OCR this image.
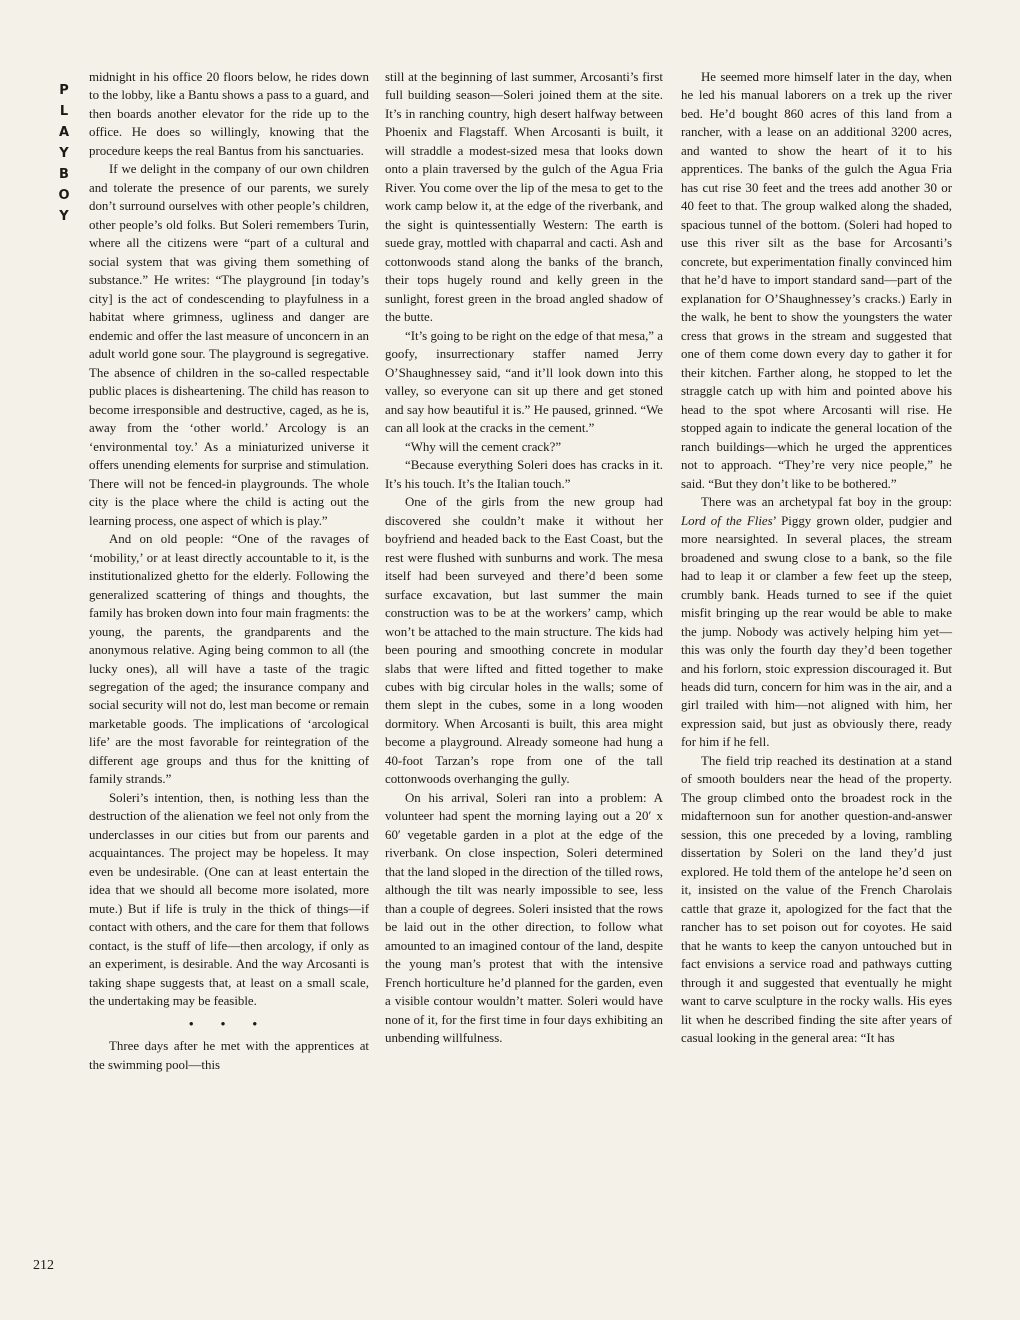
P
L
A
Y
B
O
Y
212

midnight in his office 20 floors below, he rides down to the lobby, like a Bantu shows a pass to a guard, and then boards another elevator for the ride up to the office. He does so willingly, knowing that the procedure keeps the real Bantus from his sanctuaries.

If we delight in the company of our own children and tolerate the presence of our parents, we surely don’t surround ourselves with other people’s children, other people’s old folks. But Soleri remembers Turin, where all the citizens were “part of a cultural and social system that was giving them something of substance.” He writes: “The playground [in today’s city] is the act of condescending to playfulness in a habitat where grimness, ugliness and danger are endemic and offer the last measure of unconcern in an adult world gone sour. The playground is segregative. The absence of children in the so-called respectable public places is disheartening. The child has reason to become irresponsible and destructive, caged, as he is, away from the ‘other world.’ Arcology is an ‘environmental toy.’ As a miniaturized universe it offers unending elements for surprise and stimulation. There will not be fenced-in playgrounds. The whole city is the place where the child is acting out the learning process, one aspect of which is play.”

And on old people: “One of the ravages of ‘mobility,’ or at least directly accountable to it, is the institutionalized ghetto for the elderly. Following the generalized scattering of things and thoughts, the family has broken down into four main fragments: the young, the parents, the grandparents and the anonymous relative. Aging being common to all (the lucky ones), all will have a taste of the tragic segregation of the aged; the insurance company and social security will not do, lest man become or remain marketable goods. The implications of ‘arcological life’ are the most favorable for reintegration of the different age groups and thus for the knitting of family strands.”

Soleri’s intention, then, is nothing less than the destruction of the alienation we feel not only from the underclasses in our cities but from our parents and acquaintances. The project may be hopeless. It may even be undesirable. (One can at least entertain the idea that we should all become more isolated, more mute.) But if life is truly in the thick of things—if contact with others, and the care for them that follows contact, is the stuff of life—then arcology, if only as an experiment, is desirable. And the way Arcosanti is taking shape suggests that, at least on a small scale, the undertaking may be feasible.

• • •

Three days after he met with the apprentices at the swimming pool—this

still at the beginning of last summer, Arcosanti’s first full building season—Soleri joined them at the site. It’s in ranching country, high desert halfway between Phoenix and Flagstaff. When Arcosanti is built, it will straddle a modest-sized mesa that looks down onto a plain traversed by the gulch of the Agua Fria River. You come over the lip of the mesa to get to the work camp below it, at the edge of the riverbank, and the sight is quintessentially Western: The earth is suede gray, mottled with chaparral and cacti. Ash and cottonwoods stand along the banks of the branch, their tops hugely round and kelly green in the sunlight, forest green in the broad angled shadow of the butte.

“It’s going to be right on the edge of that mesa,” a goofy, insurrectionary staffer named Jerry O’Shaughnessey said, “and it’ll look down into this valley, so everyone can sit up there and get stoned and say how beautiful it is.” He paused, grinned. “We can all look at the cracks in the cement.”

“Why will the cement crack?”

“Because everything Soleri does has cracks in it. It’s his touch. It’s the Italian touch.”

One of the girls from the new group had discovered she couldn’t make it without her boyfriend and headed back to the East Coast, but the rest were flushed with sunburns and work. The mesa itself had been surveyed and there’d been some surface excavation, but last summer the main construction was to be at the workers’ camp, which won’t be attached to the main structure. The kids had been pouring and smoothing concrete in modular slabs that were lifted and fitted together to make cubes with big circular holes in the walls; some of them slept in the cubes, some in a long wooden dormitory. When Arcosanti is built, this area might become a playground. Already someone had hung a 40-foot Tarzan’s rope from one of the tall cottonwoods overhanging the gully.

On his arrival, Soleri ran into a problem: A volunteer had spent the morning laying out a 20′ x 60′ vegetable garden in a plot at the edge of the riverbank. On close inspection, Soleri determined that the land sloped in the direction of the tilled rows, although the tilt was nearly impossible to see, less than a couple of degrees. Soleri insisted that the rows be laid out in the other direction, to follow what amounted to an imagined contour of the land, despite the young man’s protest that with the intensive French horticulture he’d planned for the garden, even a visible contour wouldn’t matter. Soleri would have none of it, for the first time in four days exhibiting an unbending willfulness.

He seemed more himself later in the day, when he led his manual laborers on a trek up the river bed. He’d bought 860 acres of this land from a rancher, with a lease on an additional 3200 acres, and wanted to show the heart of it to his apprentices. The banks of the gulch the Agua Fria has cut rise 30 feet and the trees add another 30 or 40 feet to that. The group walked along the shaded, spacious tunnel of the bottom. (Soleri had hoped to use this river silt as the base for Arcosanti’s concrete, but experimentation finally convinced him that he’d have to import standard sand—part of the explanation for O’Shaughnessey’s cracks.) Early in the walk, he bent to show the youngsters the water cress that grows in the stream and suggested that one of them come down every day to gather it for their kitchen. Farther along, he stopped to let the straggle catch up with him and pointed above his head to the spot where Arcosanti will rise. He stopped again to indicate the general location of the ranch buildings—which he urged the apprentices not to approach. “They’re very nice people,” he said. “But they don’t like to be bothered.”

There was an archetypal fat boy in the group: Lord of the Flies’ Piggy grown older, pudgier and more nearsighted. In several places, the stream broadened and swung close to a bank, so the file had to leap it or clamber a few feet up the steep, crumbly bank. Heads turned to see if the quiet misfit bringing up the rear would be able to make the jump. Nobody was actively helping him yet—this was only the fourth day they’d been together and his forlorn, stoic expression discouraged it. But heads did turn, concern for him was in the air, and a girl trailed with him—not aligned with him, her expression said, but just as obviously there, ready for him if he fell.

The field trip reached its destination at a stand of smooth boulders near the head of the property. The group climbed onto the broadest rock in the midafternoon sun for another question-and-answer session, this one preceded by a loving, rambling dissertation by Soleri on the land they’d just explored. He told them of the antelope he’d seen on it, insisted on the value of the French Charolais cattle that graze it, apologized for the fact that the rancher has to set poison out for coyotes. He said that he wants to keep the canyon untouched but in fact envisions a service road and pathways cutting through it and suggested that eventually he might want to carve sculpture in the rocky walls. His eyes lit when he described finding the site after years of casual looking in the general area: “It has
